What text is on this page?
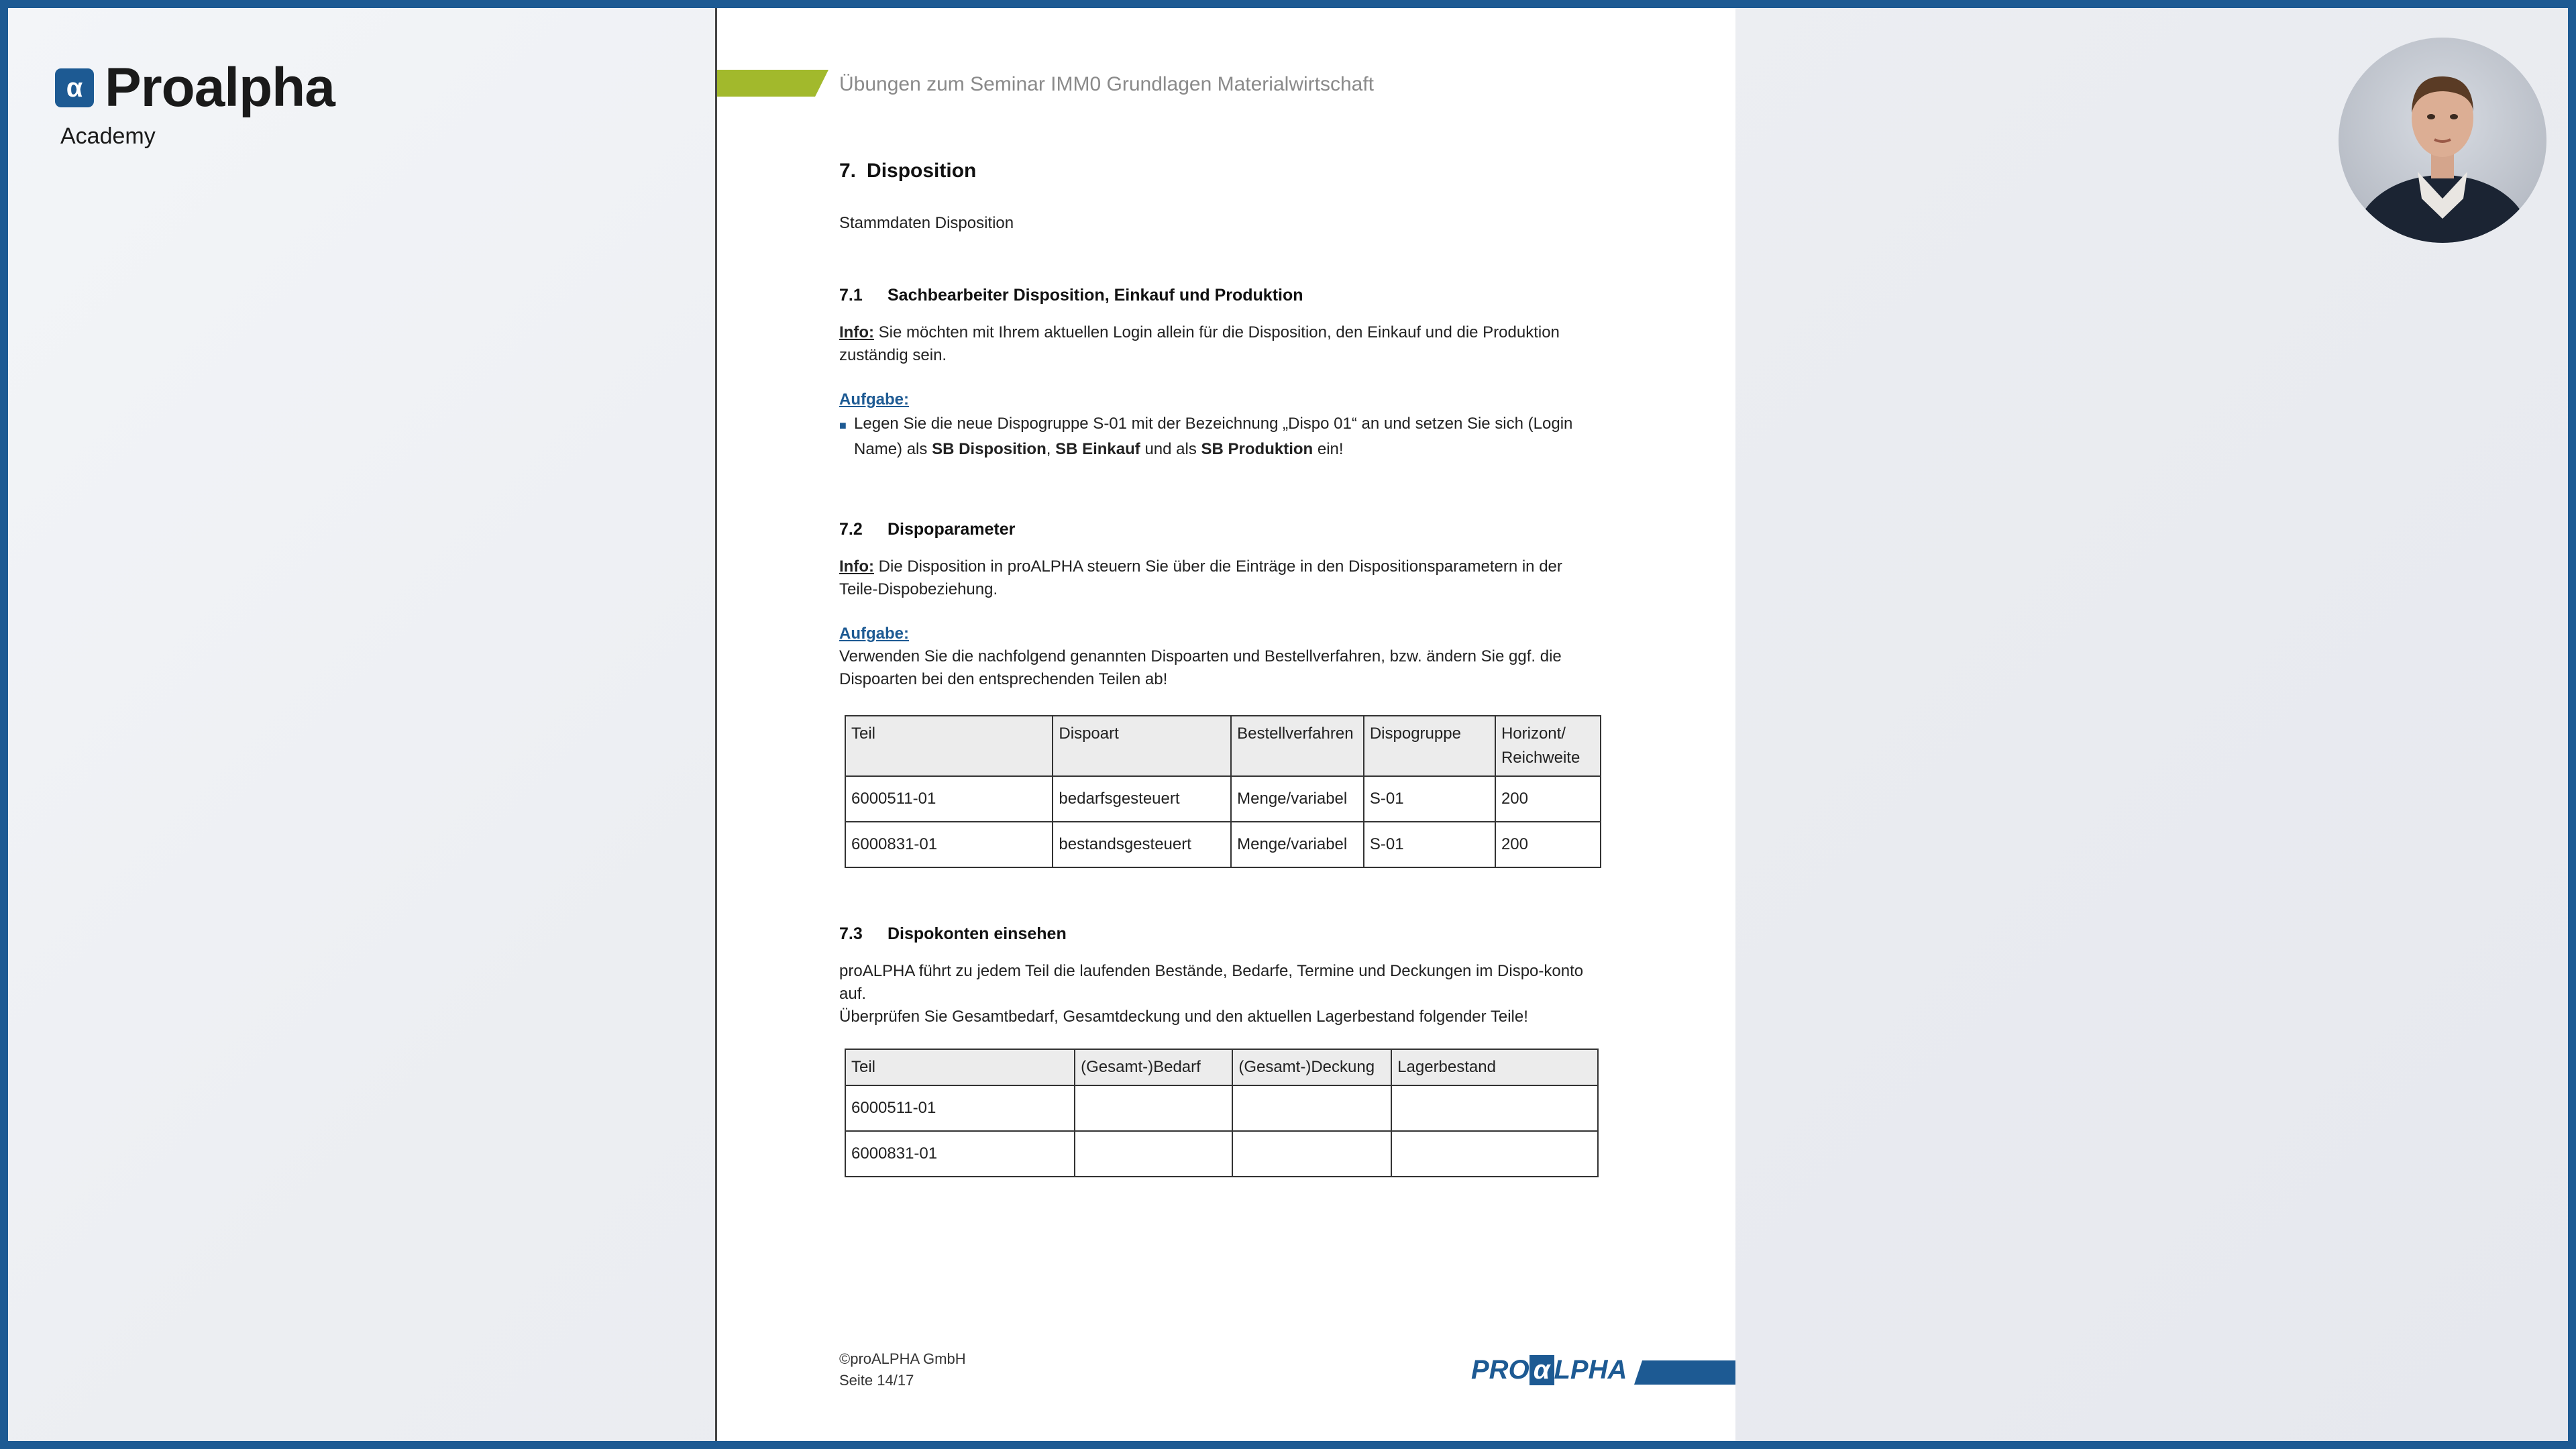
α Proalpha
Academy
Übungen zum Seminar IMM0 Grundlagen Materialwirtschaft
7. Disposition

Stammdaten Disposition

7.1 Sachbearbeiter Disposition, Einkauf und Produktion

Info: Sie möchten mit Ihrem aktuellen Login allein für die Disposition, den Einkauf und die Produktion zuständig sein.

Aufgabe:

■ Legen Sie die neue Dispogruppe S-01 mit der Bezeichnung „Dispo 01“ an und setzen Sie sich (Login Name) als SB Disposition, SB Einkauf und als SB Produktion ein!
7.2 Dispoparameter

Info: Die Disposition in proALPHA steuern Sie über die Einträge in den Dispositionsparametern in der Teile-Dispobeziehung.

Aufgabe:

Verwenden Sie die nachfolgend genannten Dispoarten und Bestellverfahren, bzw. ändern Sie ggf. die Dispoarten bei den entsprechenden Teilen ab!

Teil	Dispoart	Bestellverfahren	Dispogruppe	Horizont/ Reichweite
6000511-01	bedarfsgesteuert	Menge/variabel	S-01	200
6000831-01	bestandsgesteuert	Menge/variabel	S-01	200
7.3 Dispokonten einsehen

proALPHA führt zu jedem Teil die laufenden Bestände, Bedarfe, Termine und Deckungen im Dispo-konto auf.

Überprüfen Sie Gesamtbedarf, Gesamtdeckung und den aktuellen Lagerbestand folgender Teile!

Teil	(Gesamt-)Bedarf	(Gesamt-)Deckung	Lagerbestand
6000511-01			
6000831-01			
©proALPHA GmbH
Seite 14/17	PRO α LPHA
